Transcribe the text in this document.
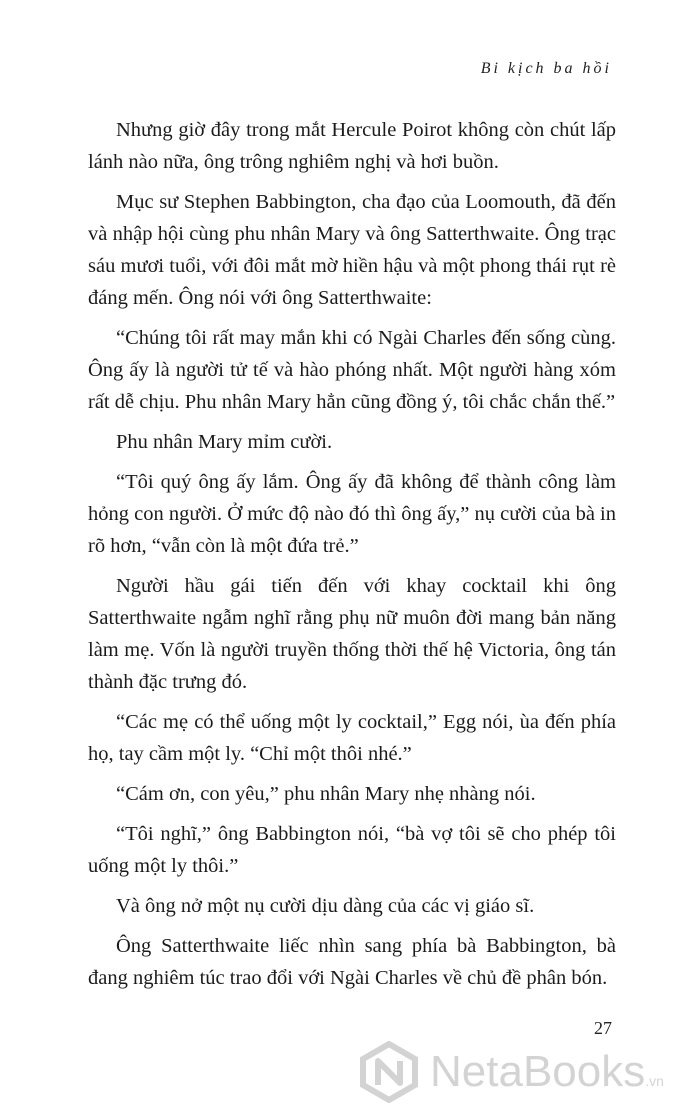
Bi kịch ba hồi

Nhưng giờ đây trong mắt Hercule Poirot không còn chút lấp lánh nào nữa, ông trông nghiêm nghị và hơi buồn.

Mục sư Stephen Babbington, cha đạo của Loomouth, đã đến và nhập hội cùng phu nhân Mary và ông Satterthwaite. Ông trạc sáu mươi tuổi, với đôi mắt mờ hiền hậu và một phong thái rụt rè đáng mến. Ông nói với ông Satterthwaite:

“Chúng tôi rất may mắn khi có Ngài Charles đến sống cùng. Ông ấy là người tử tế và hào phóng nhất. Một người hàng xóm rất dễ chịu. Phu nhân Mary hẳn cũng đồng ý, tôi chắc chắn thế.”

Phu nhân Mary mỉm cười.

“Tôi quý ông ấy lắm. Ông ấy đã không để thành công làm hỏng con người. Ở mức độ nào đó thì ông ấy,” nụ cười của bà in rõ hơn, “vẫn còn là một đứa trẻ.”

Người hầu gái tiến đến với khay cocktail khi ông Satterthwaite ngẫm nghĩ rằng phụ nữ muôn đời mang bản năng làm mẹ. Vốn là người truyền thống thời thế hệ Victoria, ông tán thành đặc trưng đó.

“Các mẹ có thể uống một ly cocktail,” Egg nói, ùa đến phía họ, tay cầm một ly. “Chỉ một thôi nhé.”

“Cám ơn, con yêu,” phu nhân Mary nhẹ nhàng nói.

“Tôi nghĩ,” ông Babbington nói, “bà vợ tôi sẽ cho phép tôi uống một ly thôi.”

Và ông nở một nụ cười dịu dàng của các vị giáo sĩ.

Ông Satterthwaite liếc nhìn sang phía bà Babbington, bà đang nghiêm túc trao đổi với Ngài Charles về chủ đề phân bón.

27
NetaBooks.vn
